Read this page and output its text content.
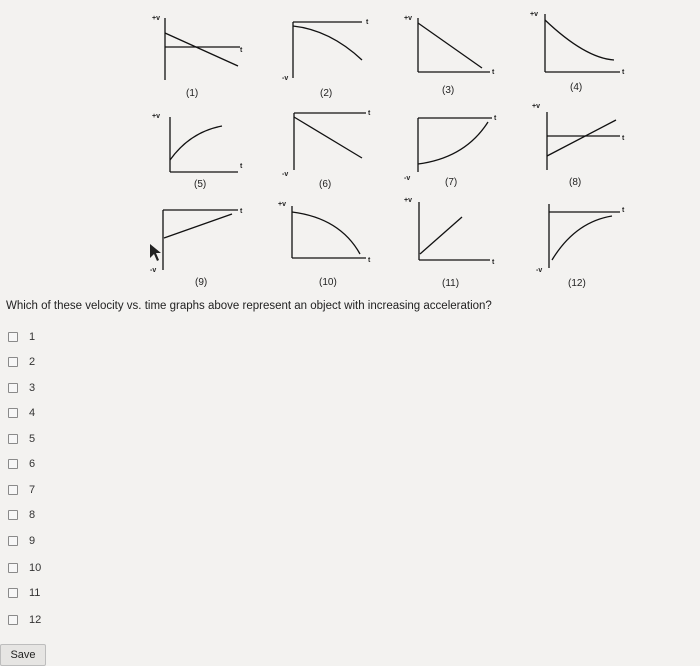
+v
t
t
-v
+v
t
+v
t
+v
t
t
-v
t
-v
+v
t
t
-v
+v
t
+v
t
t
-v
(1)	(2)	(3)	(4)
(5)	(6)	(7)	(8)
(9)	(10)	(11)	(12)
Which of these velocity vs. time graphs above represent an object with increasing acceleration?
1
2
3
4
5
6
7
8
9
10
11
12
Save
